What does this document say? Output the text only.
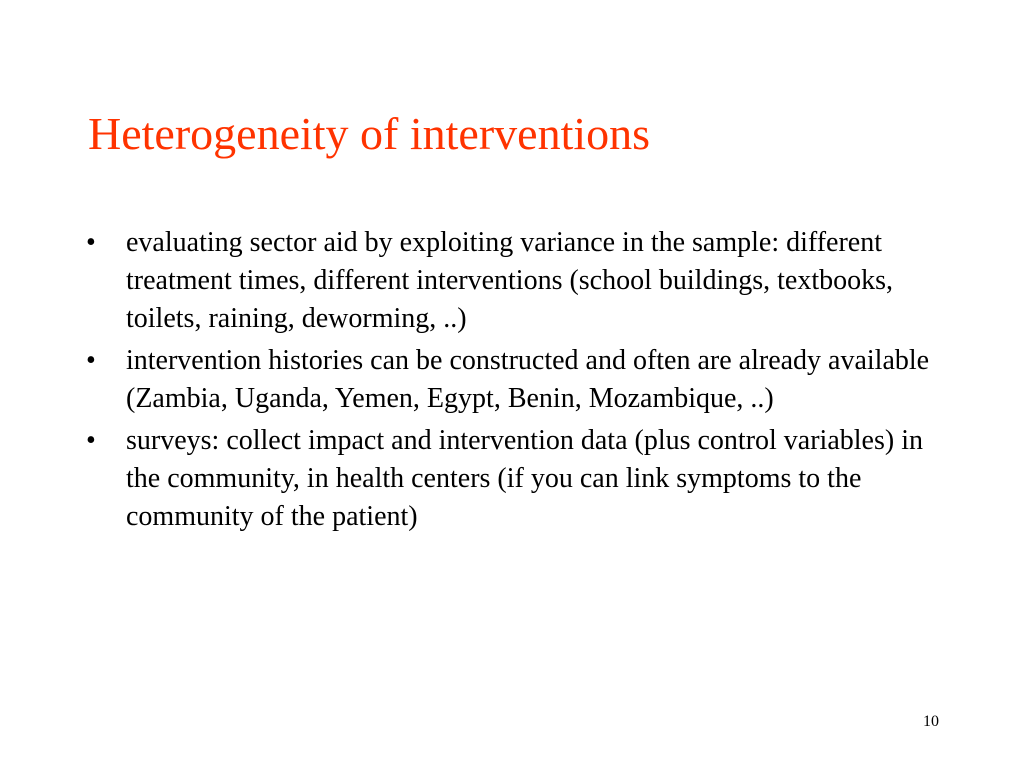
Heterogeneity of interventions
•	evaluating sector aid by exploiting variance in the sample: different treatment times, different interventions (school buildings, textbooks, toilets, raining, deworming, ..)
•	intervention histories can be constructed and often are already available (Zambia, Uganda, Yemen, Egypt, Benin, Mozambique, ..)
•	surveys: collect impact and intervention data (plus control variables) in the community, in health centers (if you can link symptoms to the community of the patient)
10
